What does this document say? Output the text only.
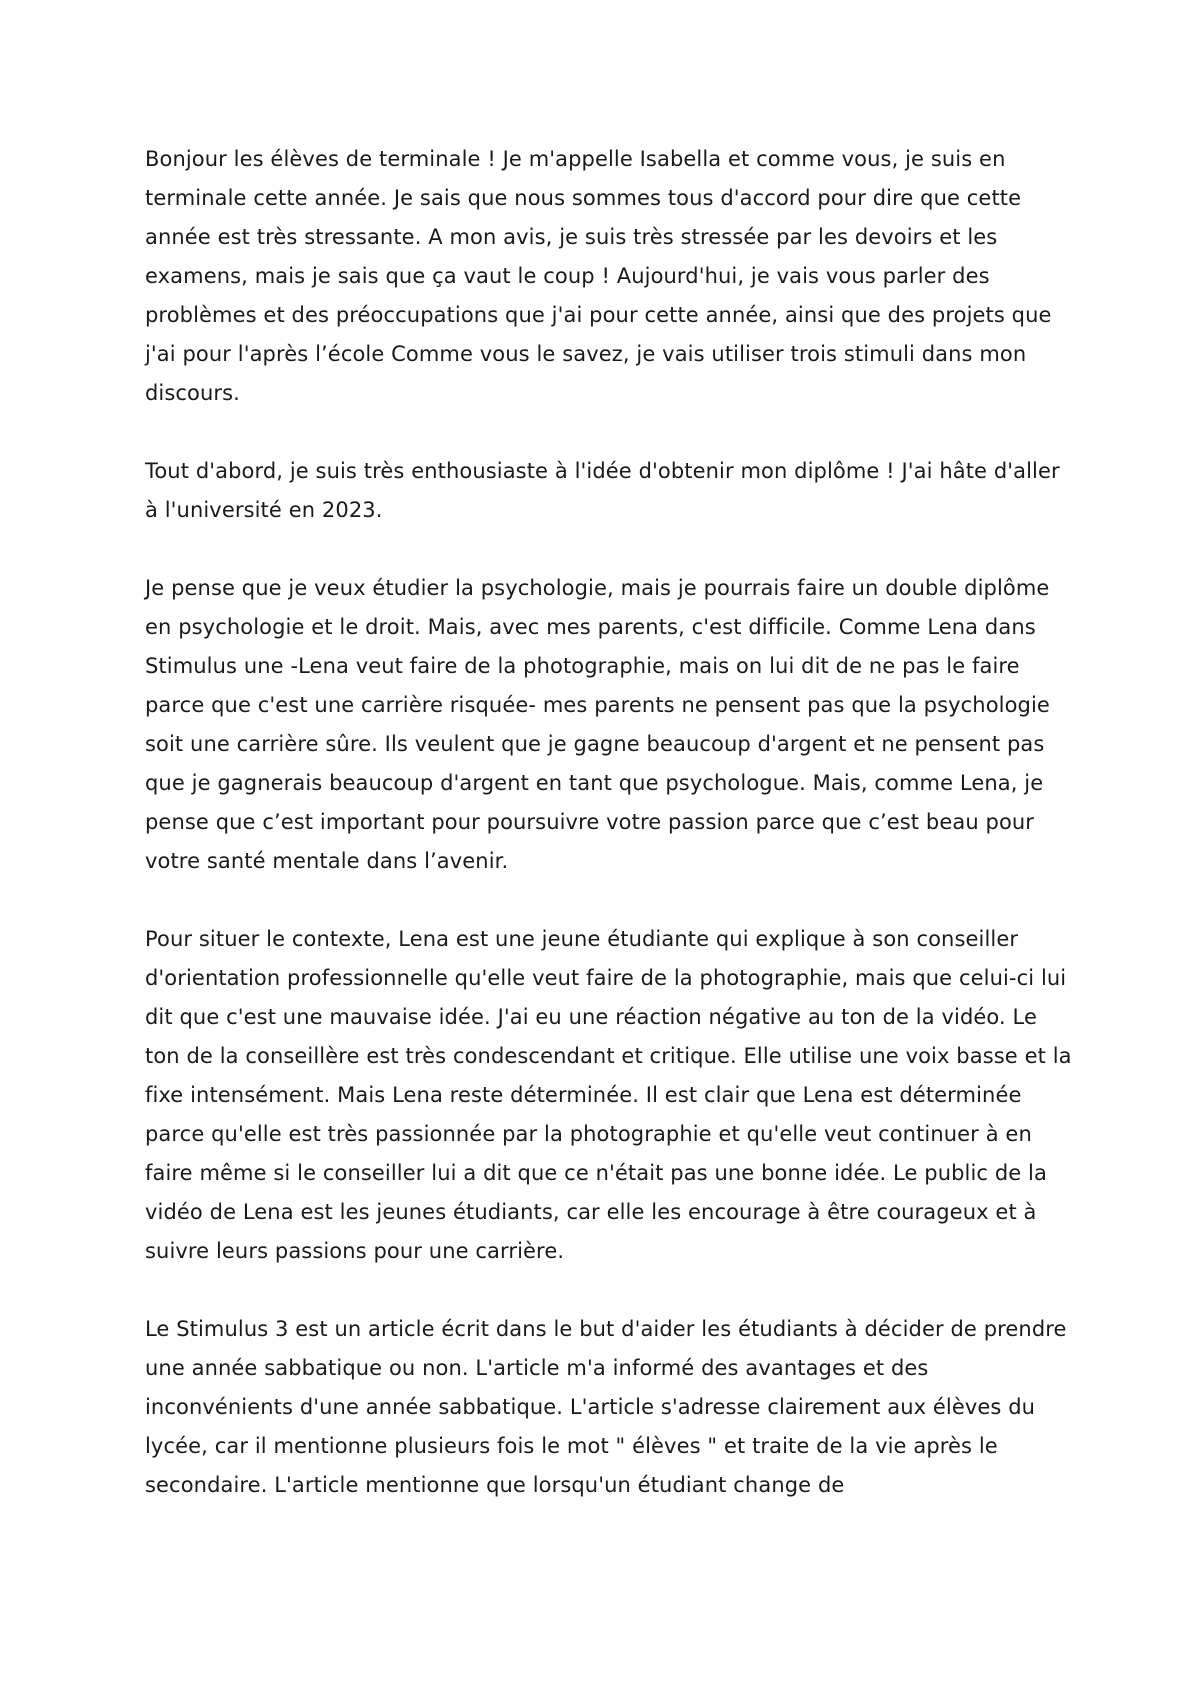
Bonjour les élèves de terminale ! Je m'appelle Isabella et comme vous, je suis en terminale cette année. Je sais que nous sommes tous d'accord pour dire que cette année est très stressante. A mon avis, je suis très stressée par les devoirs et les examens, mais je sais que ça vaut le coup ! Aujourd'hui, je vais vous parler des problèmes et des préoccupations que j'ai pour cette année, ainsi que des projets que j'ai pour l'après l’école Comme vous le savez, je vais utiliser trois stimuli dans mon discours.

Tout d'abord, je suis très enthousiaste à l'idée d'obtenir mon diplôme ! J'ai hâte d'aller à l'université en 2023.

Je pense que je veux étudier la psychologie, mais je pourrais faire un double diplôme en psychologie et le droit. Mais, avec mes parents, c'est difficile. Comme Lena dans Stimulus une -Lena veut faire de la photographie, mais on lui dit de ne pas le faire parce que c'est une carrière risquée- mes parents ne pensent pas que la psychologie soit une carrière sûre. Ils veulent que je gagne beaucoup d'argent et ne pensent pas que je gagnerais beaucoup d'argent en tant que psychologue. Mais, comme Lena, je pense que c’est important pour poursuivre votre passion parce que c’est beau pour votre santé mentale dans l’avenir.

Pour situer le contexte, Lena est une jeune étudiante qui explique à son conseiller d'orientation professionnelle qu'elle veut faire de la photographie, mais que celui-ci lui dit que c'est une mauvaise idée. J'ai eu une réaction négative au ton de la vidéo. Le ton de la conseillère est très condescendant et critique. Elle utilise une voix basse et la fixe intensément. Mais Lena reste déterminée. Il est clair que Lena est déterminée parce qu'elle est très passionnée par la photographie et qu'elle veut continuer à en faire même si le conseiller lui a dit que ce n'était pas une bonne idée. Le public de la vidéo de Lena est les jeunes étudiants, car elle les encourage à être courageux et à suivre leurs passions pour une carrière.

Le Stimulus 3 est un article écrit dans le but d'aider les étudiants à décider de prendre une année sabbatique ou non. L'article m'a informé des avantages et des inconvénients d'une année sabbatique. L'article s'adresse clairement aux élèves du lycée, car il mentionne plusieurs fois le mot " élèves " et traite de la vie après le secondaire. L'article mentionne que lorsqu'un étudiant change de
